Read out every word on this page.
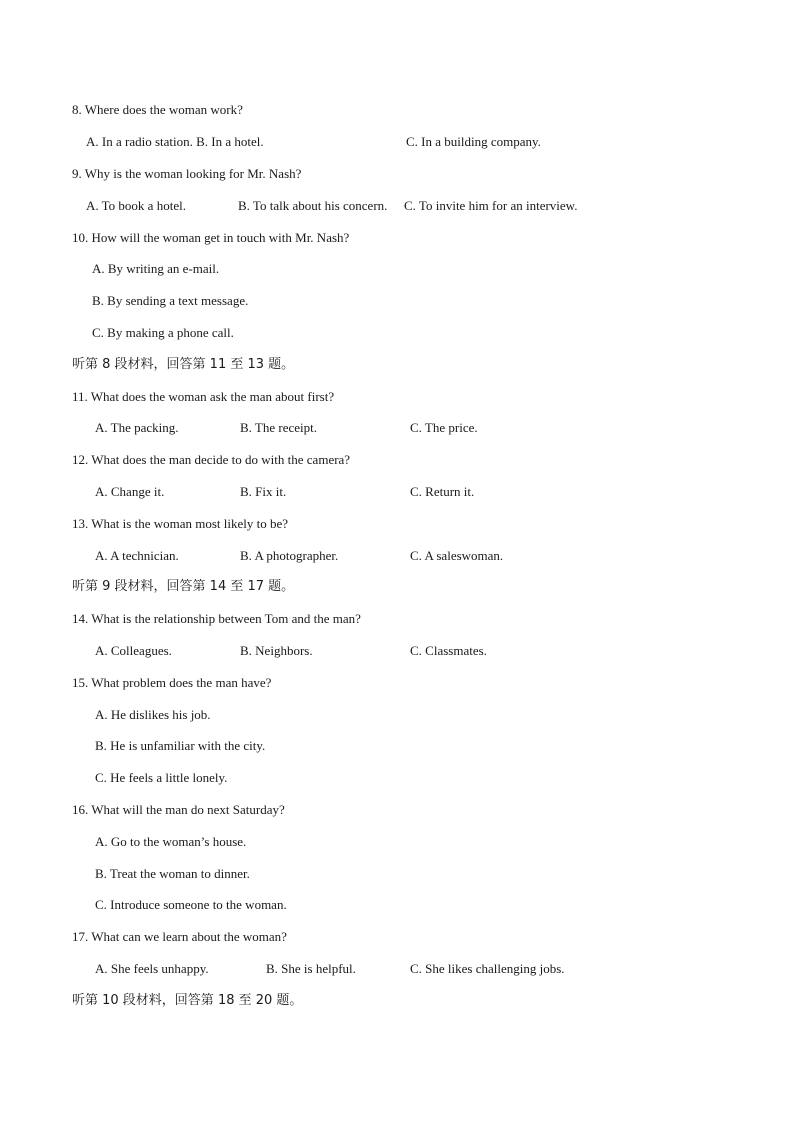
8. Where does the woman work?
A. In a radio station. B. In a hotel.	C. In a building company.
9. Why is the woman looking for Mr. Nash?
A. To book a hotel.	B. To talk about his concern. C. To invite him for an interview.
10. How will the woman get in touch with Mr. Nash?
A. By writing an e-mail.
B. By sending a text message.
C. By making a phone call.
听第 8 段材料，回答第 11 至 13 题。
11. What does the woman ask the man about first?
A. The packing.	B. The receipt.	C. The price.
12. What does the man decide to do with the camera?
A. Change it.	B. Fix it.	C. Return it.
13. What is the woman most likely to be?
A. A technician.	B. A photographer.	C. A saleswoman.
听第 9 段材料，回答第 14 至 17 题。
14. What is the relationship between Tom and the man?
A. Colleagues.	B. Neighbors.	C. Classmates.
15. What problem does the man have?
A. He dislikes his job.
B. He is unfamiliar with the city.
C. He feels a little lonely.
16. What will the man do next Saturday?
A. Go to the woman’s house.
B. Treat the woman to dinner.
C. Introduce someone to the woman.
17. What can we learn about the woman?
A. She feels unhappy.	B. She is helpful.	C. She likes challenging jobs.
听第 10 段材料，回答第 18 至 20 题。
